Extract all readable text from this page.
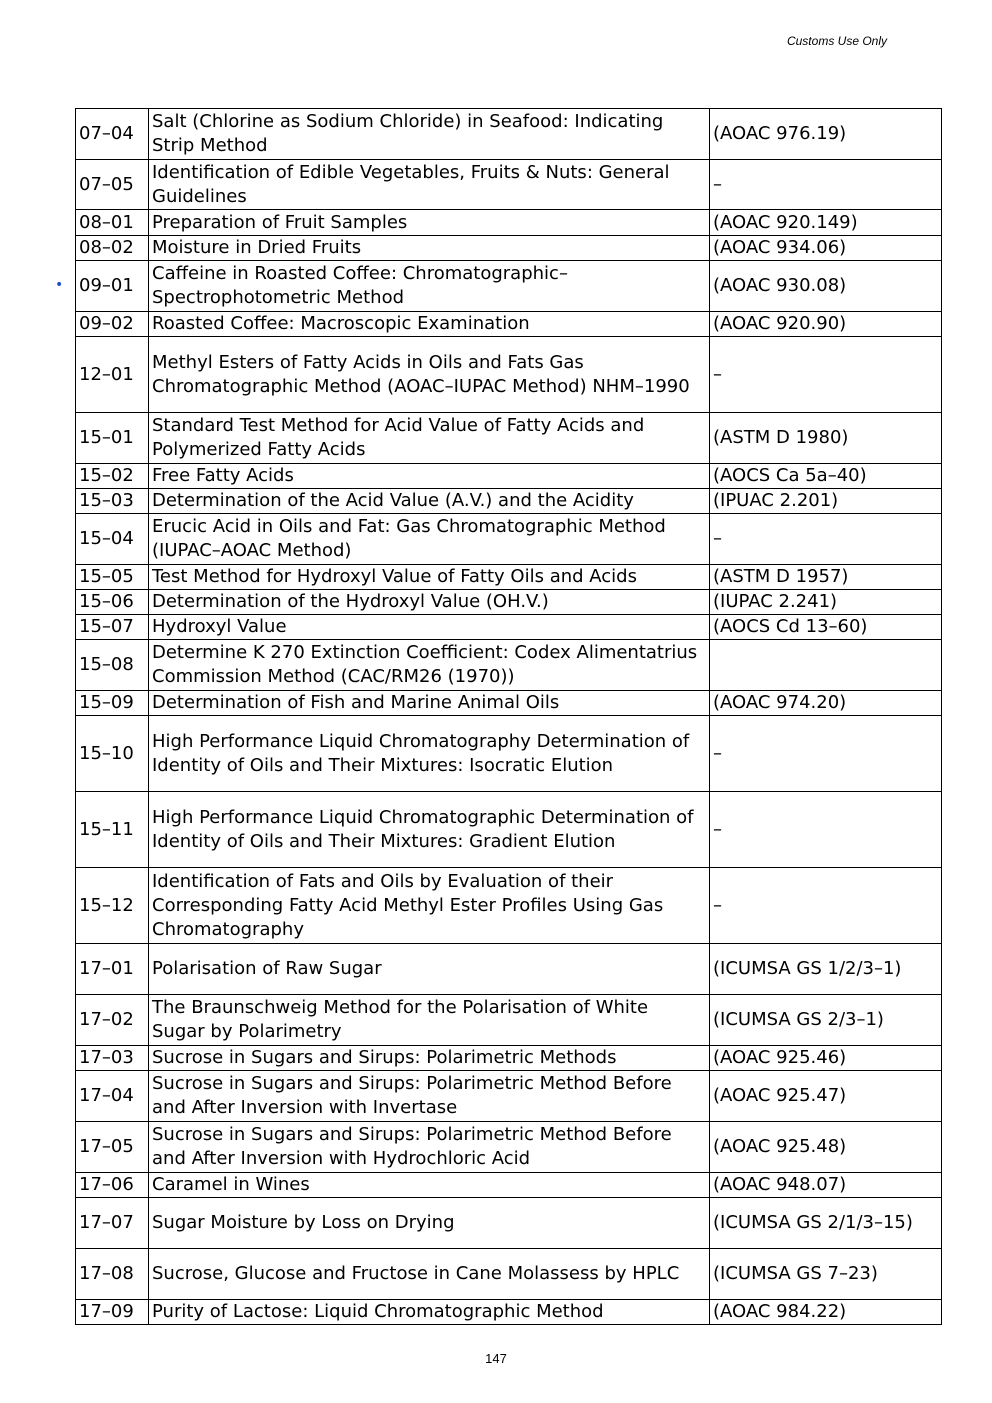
Customs Use Only
•
07–04	Salt (Chlorine as Sodium Chloride) in Seafood: Indicating Strip Method	(AOAC 976.19)
07–05	Identification of Edible Vegetables, Fruits & Nuts: General Guidelines	–
08–01	Preparation of Fruit Samples	(AOAC 920.149)
08–02	Moisture in Dried Fruits	(AOAC 934.06)
09–01	Caffeine in Roasted Coffee: Chromatographic–Spectrophotometric Method	(AOAC 930.08)
09–02	Roasted Coffee: Macroscopic Examination	(AOAC 920.90)
12–01	Methyl Esters of Fatty Acids in Oils and Fats Gas Chromatographic Method (AOAC–IUPAC Method) NHM–1990	–
15–01	Standard Test Method for Acid Value of Fatty Acids and Polymerized Fatty Acids	(ASTM D 1980)
15–02	Free Fatty Acids	(AOCS Ca 5a–40)
15–03	Determination of the Acid Value (A.V.) and the Acidity	(IPUAC 2.201)
15–04	Erucic Acid in Oils and Fat: Gas Chromatographic Method (IUPAC–AOAC Method)	–
15–05	Test Method for Hydroxyl Value of Fatty Oils and Acids	(ASTM D 1957)
15–06	Determination of the Hydroxyl Value (OH.V.)	(IUPAC 2.241)
15–07	Hydroxyl Value	(AOCS Cd 13–60)
15–08	Determine K 270 Extinction Coefficient: Codex Alimentatrius Commission Method (CAC/RM26 (1970))	
15–09	Determination of Fish and Marine Animal Oils	(AOAC 974.20)
15–10	High Performance Liquid Chromatography Determination of Identity of Oils and Their Mixtures: Isocratic Elution	–
15–11	High Performance Liquid Chromatographic Determination of Identity of Oils and Their Mixtures: Gradient Elution	–
15–12	Identification of Fats and Oils by Evaluation of their Corresponding Fatty Acid Methyl Ester Profiles Using Gas Chromatography	–
17–01	Polarisation of Raw Sugar	(ICUMSA GS 1/2/3–1)
17–02	The Braunschweig Method for the Polarisation of White Sugar by Polarimetry	(ICUMSA GS 2/3–1)
17–03	Sucrose in Sugars and Sirups: Polarimetric Methods	(AOAC 925.46)
17–04	Sucrose in Sugars and Sirups: Polarimetric Method Before and After Inversion with Invertase	(AOAC 925.47)
17–05	Sucrose in Sugars and Sirups: Polarimetric Method Before and After Inversion with Hydrochloric Acid	(AOAC 925.48)
17–06	Caramel in Wines	(AOAC 948.07)
17–07	Sugar Moisture by Loss on Drying	(ICUMSA GS 2/1/3–15)
17–08	Sucrose, Glucose and Fructose in Cane Molassess by HPLC	(ICUMSA GS 7–23)
17–09	Purity of Lactose: Liquid Chromatographic Method	(AOAC 984.22)
147
